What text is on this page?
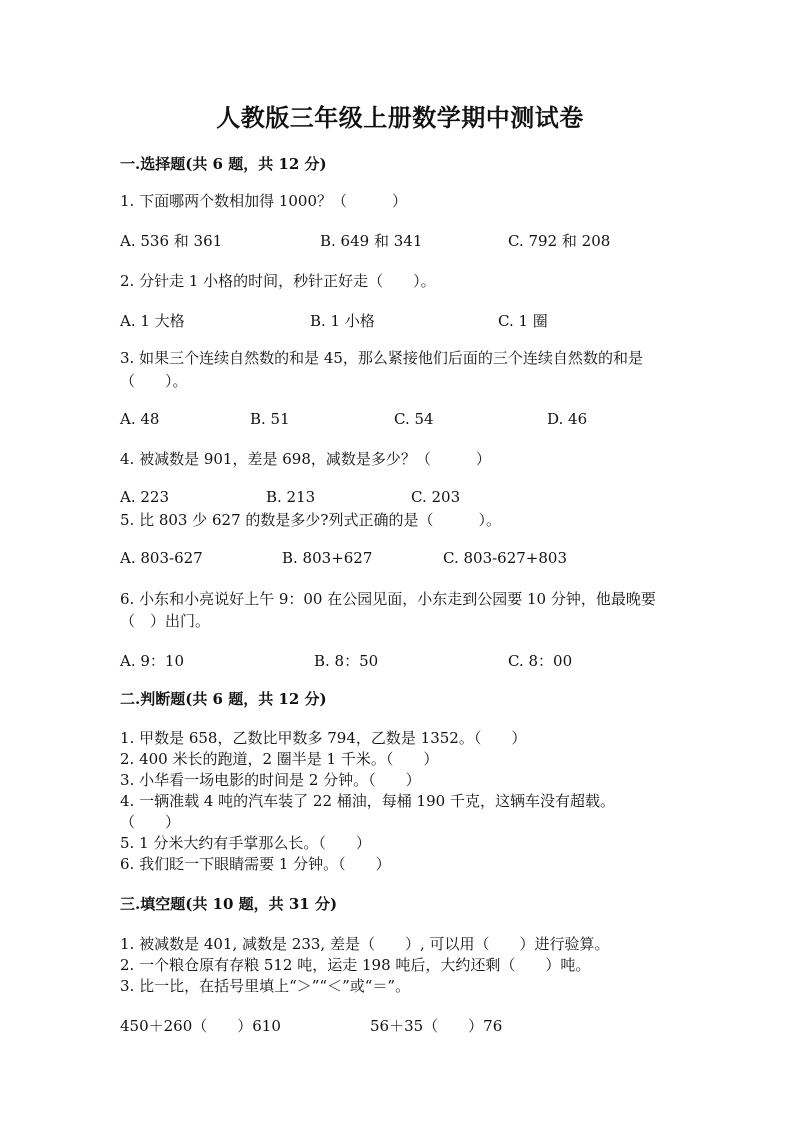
人教版三年级上册数学期中测试卷
一.选择题(共 6 题，共 12 分)
1. 下面哪两个数相加得 1000？（　　　）
A. 536 和 361	B. 649 和 341	C. 792 和 208
2. 分针走 1 小格的时间，秒针正好走（　　）。
A. 1 大格	B. 1 小格	C. 1 圈
3. 如果三个连续自然数的和是 45，那么紧接他们后面的三个连续自然数的和是
（　　）。
A. 48	B. 51	C. 54	D. 46
4. 被减数是 901，差是 698，减数是多少？（　　　）
A. 223	B. 213	C. 203
5. 比 803 少 627 的数是多少?列式正确的是（　　　）。
A. 803-627	B. 803+627	C. 803-627+803
6. 小东和小亮说好上午 9：00 在公园见面，小东走到公园要 10 分钟，他最晚要
（　）出门。
A. 9：10	B. 8：50	C. 8：00
二.判断题(共 6 题，共 12 分)
1. 甲数是 658，乙数比甲数多 794，乙数是 1352。（　　）
2. 400 米长的跑道，2 圈半是 1 千米。（　　）
3. 小华看一场电影的时间是 2 分钟。（　　）
4. 一辆准载 4 吨的汽车装了 22 桶油，每桶 190 千克，这辆车没有超载。
（　　）
5. 1 分米大约有手掌那么长。（　　）
6. 我们眨一下眼睛需要 1 分钟。（　　）
三.填空题(共 10 题，共 31 分)
1. 被减数是 401, 减数是 233, 差是（　　）, 可以用（　　）进行验算。
2. 一个粮仓原有存粮 512 吨，运走 198 吨后，大约还剩（　　）吨。
3. 比一比，在括号里填上“＞”“＜”或“＝”。
450＋260（　　）610	56＋35（　　）76
